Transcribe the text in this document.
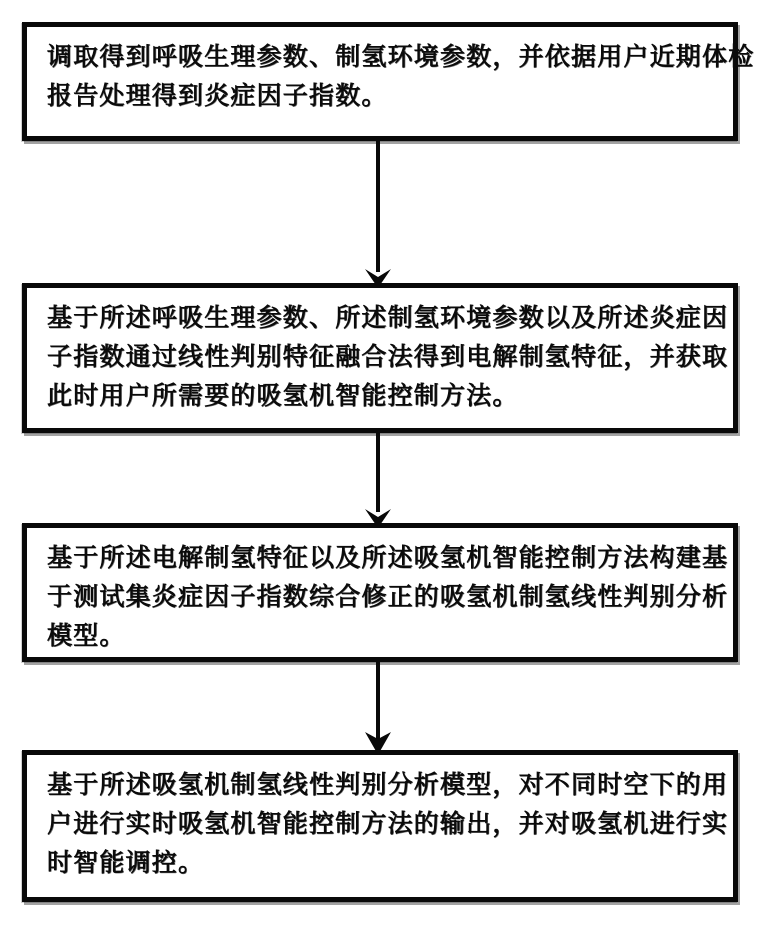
调取得到呼吸生理参数、制氢环境参数，并依据用户近期体检
报告处理得到炎症因子指数。
基于所述呼吸生理参数、所述制氢环境参数以及所述炎症因
子指数通过线性判别特征融合法得到电解制氢特征，并获取
此时用户所需要的吸氢机智能控制方法。
基于所述电解制氢特征以及所述吸氢机智能控制方法构建基
于测试集炎症因子指数综合修正的吸氢机制氢线性判别分析
模型。
基于所述吸氢机制氢线性判别分析模型，对不同时空下的用
户进行实时吸氢机智能控制方法的输出，并对吸氢机进行实
时智能调控。
